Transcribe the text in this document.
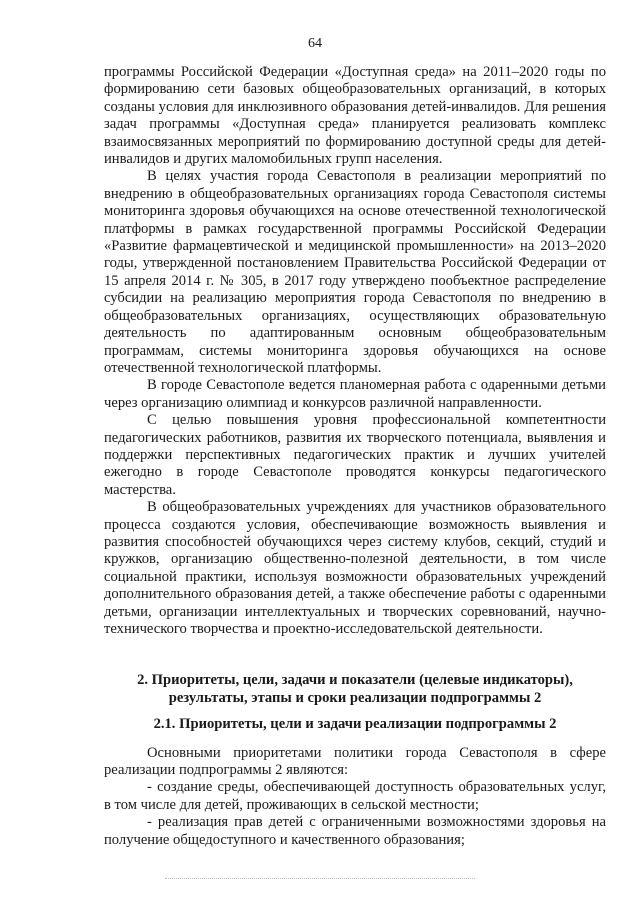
64

программы Российской Федерации «Доступная среда» на 2011–2020 годы по формированию сети базовых общеобразовательных организаций, в которых созданы условия для инклюзивного образования детей-инвалидов. Для решения задач программы «Доступная среда» планируется реализовать комплекс взаимосвязанных мероприятий по формированию доступной среды для детей-инвалидов и других маломобильных групп населения.

В целях участия города Севастополя в реализации мероприятий по внедрению в общеобразовательных организациях города Севастополя системы мониторинга здоровья обучающихся на основе отечественной технологической платформы в рамках государственной программы Российской Федерации «Развитие фармацевтической и медицинской промышленности» на 2013–2020 годы, утвержденной постановлением Правительства Российской Федерации от 15 апреля 2014 г. № 305, в 2017 году утверждено пообъектное распределение субсидии на реализацию мероприятия города Севастополя по внедрению в общеобразовательных организациях, осуществляющих образовательную деятельность по адаптированным основным общеобразовательным программам, системы мониторинга здоровья обучающихся на основе отечественной технологической платформы.

В городе Севастополе ведется планомерная работа с одаренными детьми через организацию олимпиад и конкурсов различной направленности.

С целью повышения уровня профессиональной компетентности педагогических работников, развития их творческого потенциала, выявления и поддержки перспективных педагогических практик и лучших учителей ежегодно в городе Севастополе проводятся конкурсы педагогического мастерства.

В общеобразовательных учреждениях для участников образовательного процесса создаются условия, обеспечивающие возможность выявления и развития способностей обучающихся через систему клубов, секций, студий и кружков, организацию общественно-полезной деятельности, в том числе социальной практики, используя возможности образовательных учреждений дополнительного образования детей, а также обеспечение работы с одаренными детьми, организации интеллектуальных и творческих соревнований, научно-технического творчества и проектно-исследовательской деятельности.

2. Приоритеты, цели, задачи и показатели (целевые индикаторы), результаты, этапы и сроки реализации подпрограммы 2
2.1. Приоритеты, цели и задачи реализации подпрограммы 2

Основными приоритетами политики города Севастополя в сфере реализации подпрограммы 2 являются:

- создание среды, обеспечивающей доступность образовательных услуг, в том числе для детей, проживающих в сельской местности;

- реализация прав детей с ограниченными возможностями здоровья на получение общедоступного и качественного образования;
